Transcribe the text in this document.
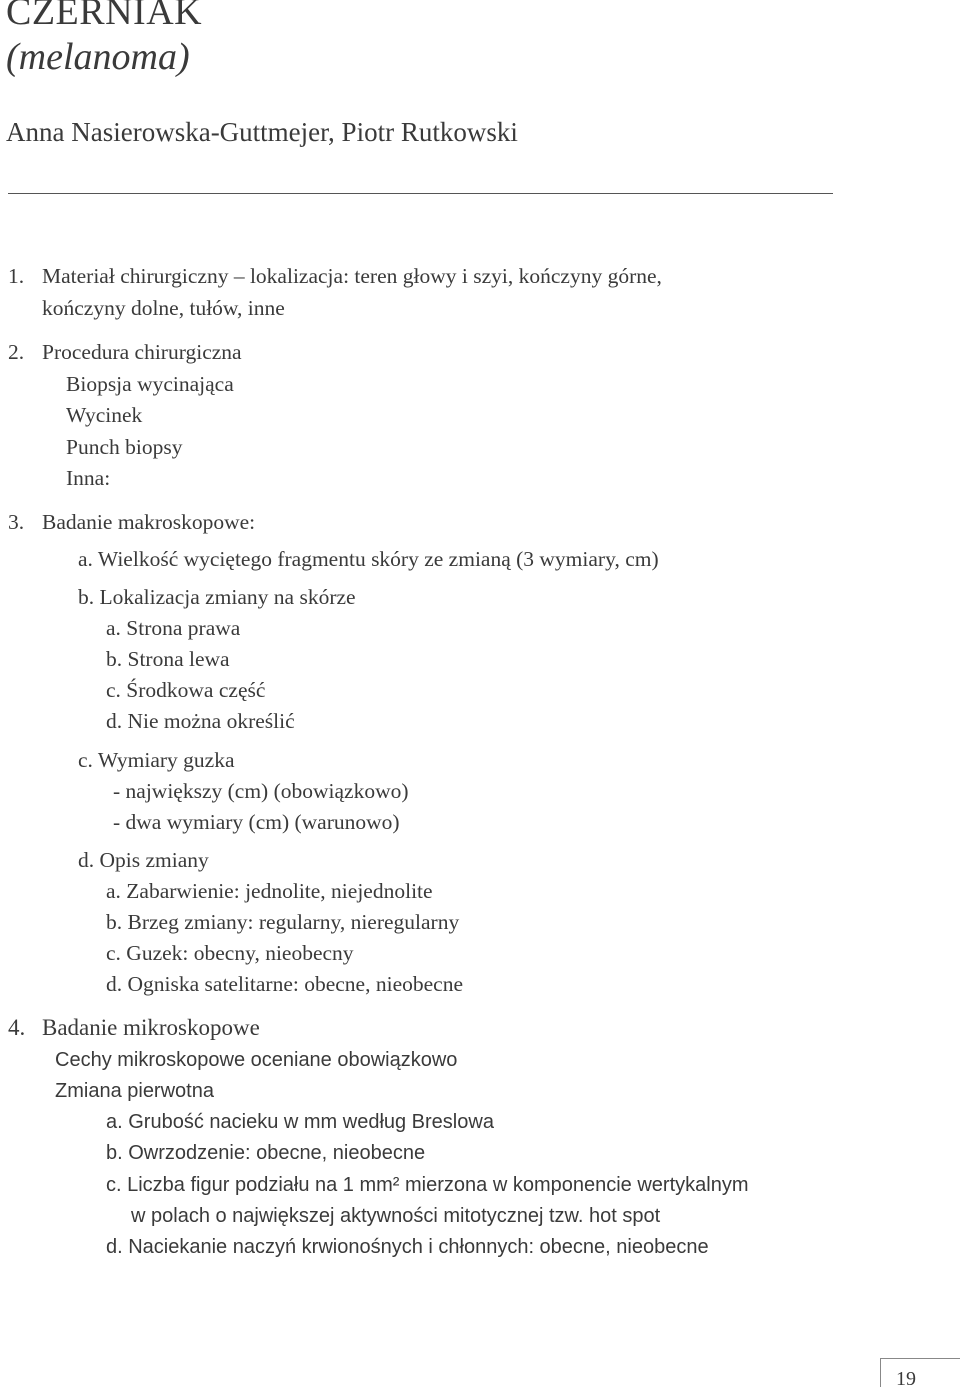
CZERNIAK
(melanoma)
Anna Nasierowska-Guttmejer, Piotr Rutkowski
1. Materiał chirurgiczny – lokalizacja: teren głowy i szyi, kończyny górne,
kończyny dolne, tułów, inne
2. Procedura chirurgiczna
Biopsja wycinająca
Wycinek
Punch biopsy
Inna:
3. Badanie makroskopowe:
a. Wielkość wyciętego fragmentu skóry ze zmianą (3 wymiary, cm)
b. Lokalizacja zmiany na skórze
a. Strona prawa
b. Strona lewa
c. Środkowa część
d. Nie można określić
c. Wymiary guzka
- największy (cm) (obowiązkowo)
- dwa wymiary (cm) (warunowo)
d. Opis zmiany
a. Zabarwienie: jednolite, niejednolite
b. Brzeg zmiany: regularny, nieregularny
c. Guzek: obecny, nieobecny
d. Ogniska satelitarne: obecne, nieobecne
4. Badanie mikroskopowe
Cechy mikroskopowe oceniane obowiązkowo
Zmiana pierwotna
a. Grubość nacieku w mm według Breslowa
b. Owrzodzenie: obecne, nieobecne
c. Liczba figur podziału na 1 mm² mierzona w komponencie wertykalnym
w polach o największej aktywności mitotycznej tzw. hot spot
d. Naciekanie naczyń krwionośnych i chłonnych: obecne, nieobecne
19
